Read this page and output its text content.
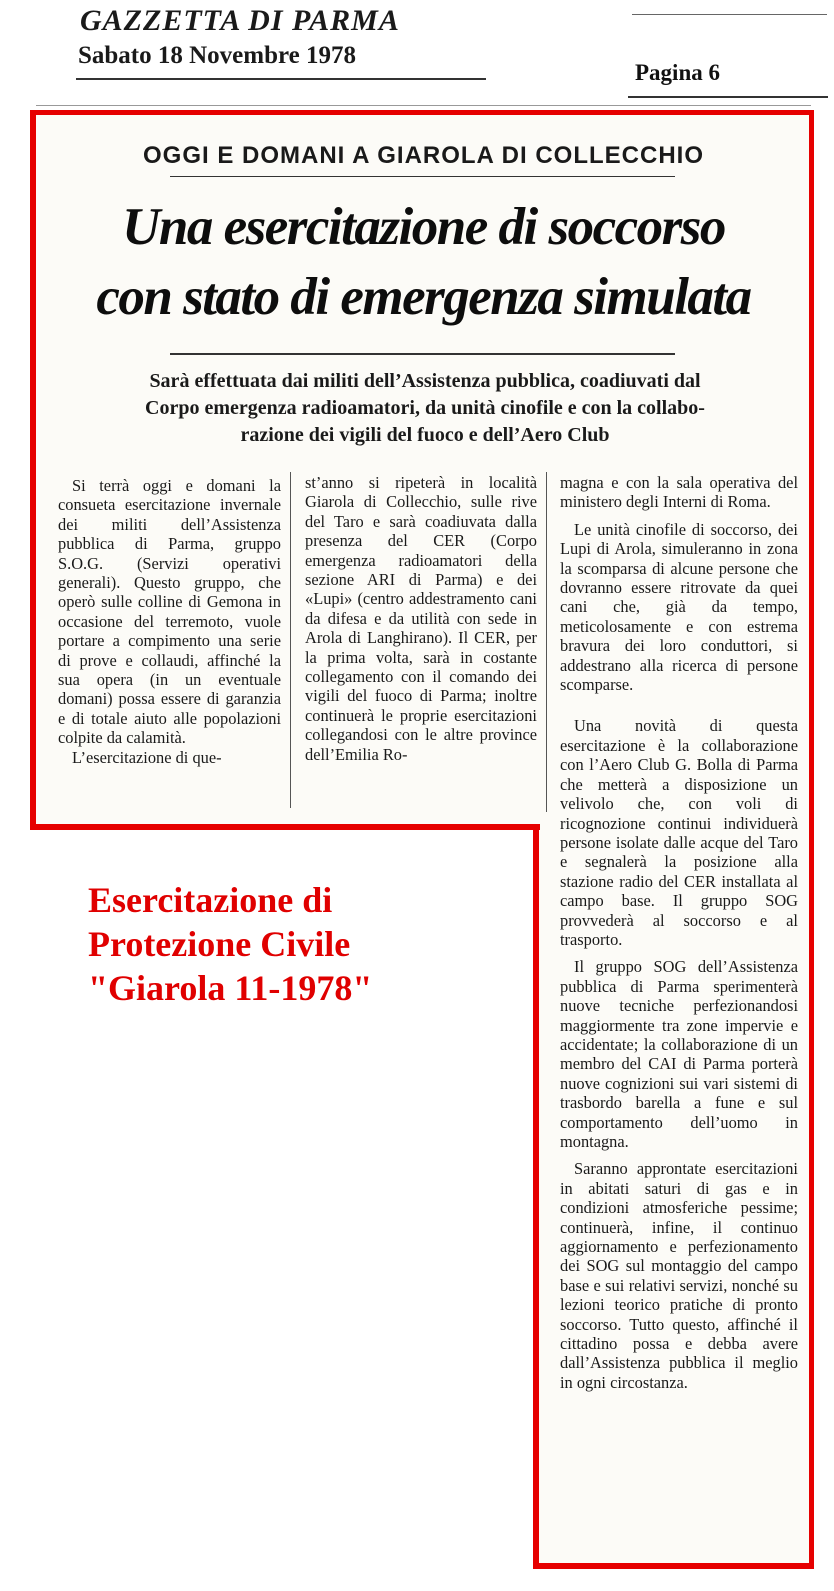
GAZZETTA DI PARMA
Sabato 18 Novembre 1978
Pagina 6
OGGI E DOMANI A GIAROLA DI COLLECCHIO
Una esercitazione di soccorso
con stato di emergenza simulata
Sarà effettuata dai militi dell’Assistenza pubblica, coadiuvati dal
Corpo emergenza radioamatori, da unità cinofile e con la collabo-
razione dei vigili del fuoco e dell’Aero Club

Si terrà oggi e domani la consueta esercitazione invernale dei militi dell’Assistenza pubblica di Parma, gruppo S.O.G. (Servizi operativi generali). Questo gruppo, che operò sulle colline di Gemona in occasione del terremoto, vuole portare a compimento una serie di prove e collaudi, affinché la sua opera (in un eventuale domani) possa essere di garanzia e di totale aiuto alle popolazioni colpite da calamità.

L’esercitazione di que-

st’anno si ripeterà in località Giarola di Collecchio, sulle rive del Taro e sarà coadiuvata dalla presenza del CER (Corpo emergenza radioamatori della sezione ARI di Parma) e dei «Lupi» (centro addestramento cani da difesa e da utilità con sede in Arola di Langhirano). Il CER, per la prima volta, sarà in costante collegamento con il comando dei vigili del fuoco di Parma; inoltre continuerà le proprie esercitazioni collegandosi con le altre province dell’Emilia Ro-

magna e con la sala operativa del ministero degli Interni di Roma.

Le unità cinofile di soccorso, dei Lupi di Arola, simuleranno in zona la scomparsa di alcune persone che dovranno essere ritrovate da quei cani che, già da tempo, meticolosamente e con estrema bravura dei loro conduttori, si addestrano alla ricerca di persone scomparse.

Una novità di questa esercitazione è la collaborazione con l’Aero Club G. Bolla di Parma che metterà a disposizione un velivolo che, con voli di ricognozione continui individuerà persone isolate dalle acque del Taro e segnalerà la posizione alla stazione radio del CER installata al campo base. Il gruppo SOG provvederà al soccorso e al trasporto.

Il gruppo SOG dell’Assistenza pubblica di Parma sperimenterà nuove tecniche perfezionandosi maggiormente tra zone impervie e accidentate; la collaborazione di un membro del CAI di Parma porterà nuove cognizioni sui vari sistemi di trasbordo barella a fune e sul comportamento dell’uomo in montagna.

Saranno approntate esercitazioni in abitati saturi di gas e in condizioni atmosferiche pessime; continuerà, infine, il continuo aggiornamento e perfezionamento dei SOG sul montaggio del campo base e sui relativi servizi, nonché su lezioni teorico pratiche di pronto soccorso. Tutto questo, affinché il cittadino possa e debba avere dall’Assistenza pubblica il meglio in ogni circostanza.

Esercitazione di
Protezione Civile
"Giarola 11-1978"
